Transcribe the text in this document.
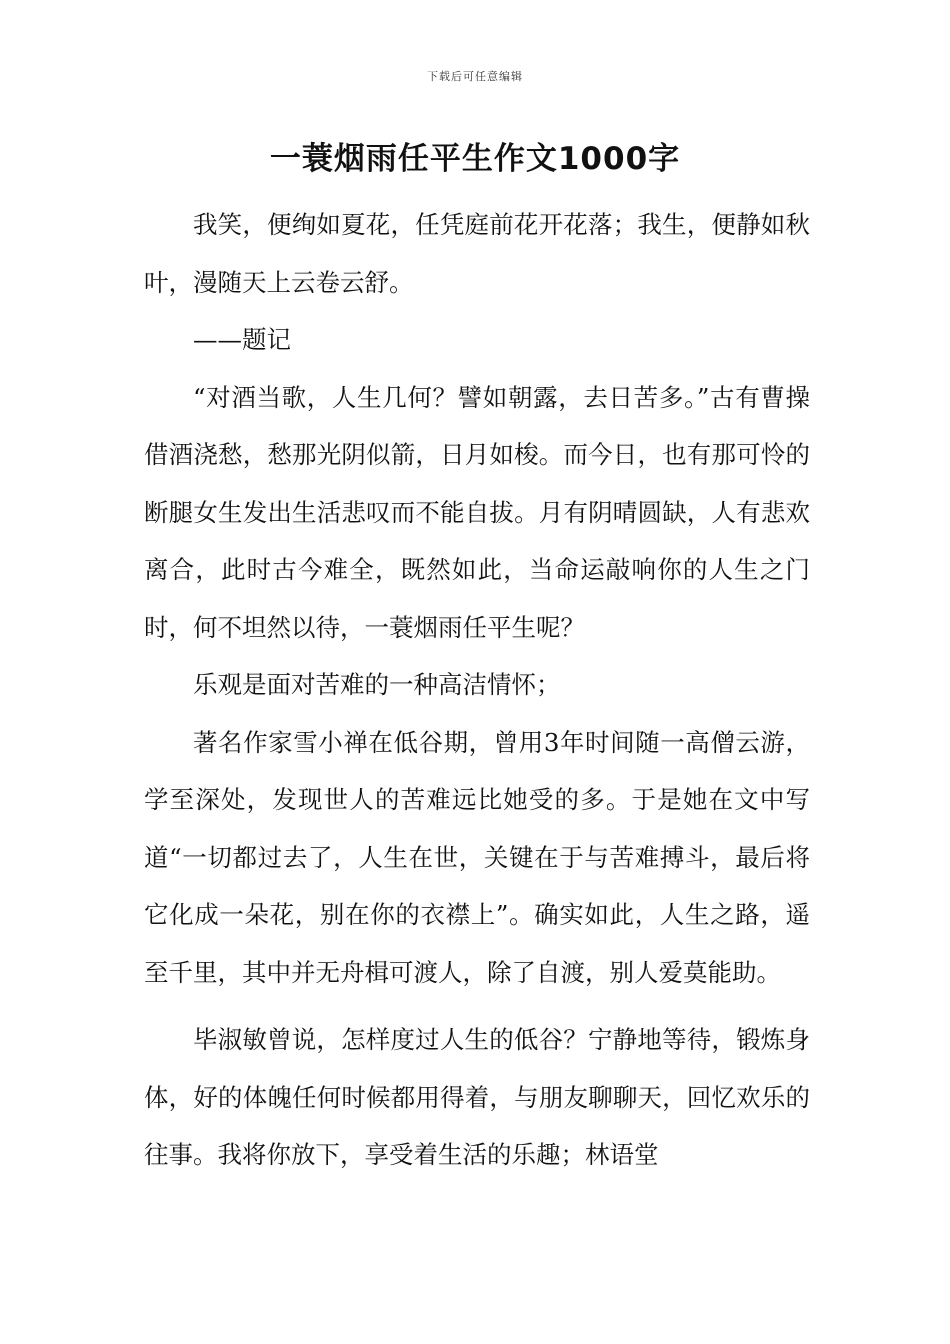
下载后可任意编辑
一蓑烟雨任平生作文1000字

我笑，便绚如夏花，任凭庭前花开花落；我生，便静如秋叶，漫随天上云卷云舒。

——题记

“对酒当歌，人生几何？譬如朝露，去日苦多。”古有曹操借酒浇愁，愁那光阴似箭，日月如梭。而今日，也有那可怜的断腿女生发出生活悲叹而不能自拔。月有阴晴圆缺，人有悲欢离合，此时古今难全，既然如此，当命运敲响你的人生之门时，何不坦然以待，一蓑烟雨任平生呢？

乐观是面对苦难的一种高洁情怀；

著名作家雪小禅在低谷期，曾用3年时间随一高僧云游，学至深处，发现世人的苦难远比她受的多。于是她在文中写道“一切都过去了，人生在世，关键在于与苦难搏斗，最后将它化成一朵花，别在你的衣襟上”。确实如此，人生之路，遥至千里，其中并无舟楫可渡人，除了自渡，别人爱莫能助。

毕淑敏曾说，怎样度过人生的低谷？宁静地等待，锻炼身体，好的体魄任何时候都用得着，与朋友聊聊天，回忆欢乐的往事。我将你放下，享受着生活的乐趣；林语堂
